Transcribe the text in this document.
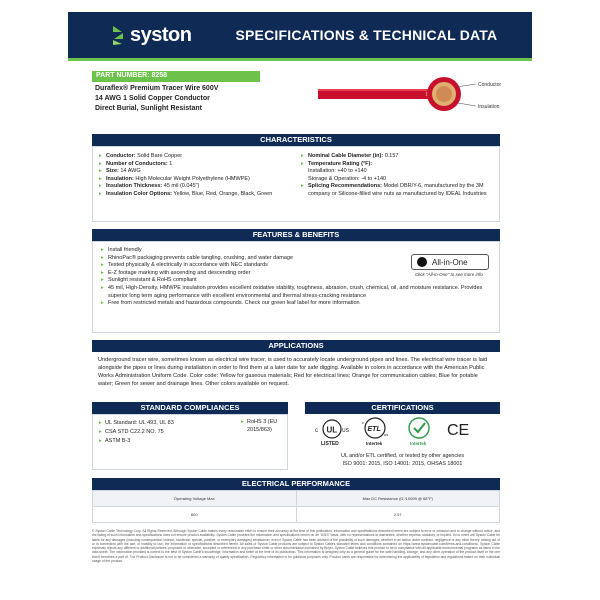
syston	SPECIFICATIONS & TECHNICAL DATA
PART NUMBER: 8258
Duraflex® Premium Tracer Wire 600V
14 AWG 1 Solid Copper Conductor
Direct Burial, Sunlight Resistant
Conductor
Insulation
CHARACTERISTICS
▸ Conductor: Solid Bare Copper
▸ Number of Conductors: 1
▸ Size: 14 AWG
▸ Insulation: High Molecular Weight Polyethylene (HMWPE)
▸ Insulation Thickness: 45 mil (0.045")
▸ Insulation Color Options: Yellow, Blue, Red, Orange, Black, Green
▸ Nominal Cable Diameter (in): 0.157
▸ Temperature Rating (°F):
Installation: +40 to +140
Storage & Operation: -4 to +140
▸ Splicing Recommendations: Model DBR/Y-6, manufactured by the 3M company or Silicone-filled wire nuts as manufactured by IDEAL Industries
FEATURES & BENEFITS
▸ Install friendly
▸ RhinoPac® packaging prevents cable tangling, crushing, and water damage
▸ Tested physically & electrically in accordance with NEC standards
▸ E-Z footage marking with ascending and descending order
▸ Sunlight resistant & RoHS compliant
▸ 45 mil, High-Density, HMWPE insulation provides excellent oxidative stability, toughness, abrasion, crush, chemical, oil, and moisture resistance. Provides superior long term aging performance with excellent environmental and thermal stress-cracking resistance
▸ Free from restricted metals and hazardous compounds. Check our green leaf label for more information
All-in-One
Click "All-in-One" to see more info
APPLICATIONS
Underground tracer wire, sometimes known as electrical wire tracer, is used to accurately locate underground pipes and lines. The electrical wire tracer is laid alongside the pipes or lines during installation in order to find them at a later date for safe digging. Available in colors in accordance with the American Public Works Administration Uniform Code. Color code: Yellow for gaseous materials; Red for electrical lines; Orange for communication cables; Blue for potable water; Green for sewer and drainage lines. Other colors available on request.
STANDARD COMPLIANCES
▸ UL Standard: UL 493, UL 83
▸ CSA STD C22.2 NO. 75
▸ ASTM B-3
▸ RoHS 3 (EU
2015/863)
CERTIFICATIONS
c UL US
LISTED
ETL
c
us
Intertek	Intertek
CE
UL and/or ETL certified, or tested by other agencies
ISO 9001: 2015, ISO 14001: 2015, OHSAS 18001
ELECTRICAL PERFORMANCE
Operating Voltage Max	Max DC Resistance (Ω /1000ft @ 68°F)
600	2.57
© Syston Cable Technology Corp. All Rights Reserved. Although Syston Cable makes every reasonable effort to ensure their accuracy at the time of this publication, information and specifications described herein are subject to error or omission and to change without notice, and the listing of such information and specifications does not ensure product availability. Syston Cable provides the information and specifications herein on an "ASIS" basis, with no representations or warranties, whether express, statutory, or implied. In no event will Syston Cable be liable for any damages (including consequential, indirect, incidental, special, punitive, or exemplary damages) whatsoever, even if Syston Cable has been advised of the possibility of such damages, whether in an action under contract, negligence or any other theory, arising out of or in connection with the use, or inability to use, the information or specifications described herein. All sales of Syston Cable products are subject to Syston Cables standard terms and conditions contained on https://www.systoncable.com/terms-and-conditions/. Syston Cable expressly rejects any different or additional policies, proposed or otherwise, accepted or referenced in any purchase order or other documentation furnished by Buyer. Syston Cable believes this product to be in compliance with all applicable environmental programs as listed in the data sheet. The information provided is correct to the best of Syston Cable's knowledge, information and belief at the time of its publication. This information is designed only as a general guide for the safe handling, storage, and any other operation of the product itself or the one that it becomes a part of. The Product Disclosure is not to be considered a warranty or quality specification. Regulatory information is for guidance purposes only. Product users are responsible for determining the applicability of legislation and regulations based on their individual usage of the product.
